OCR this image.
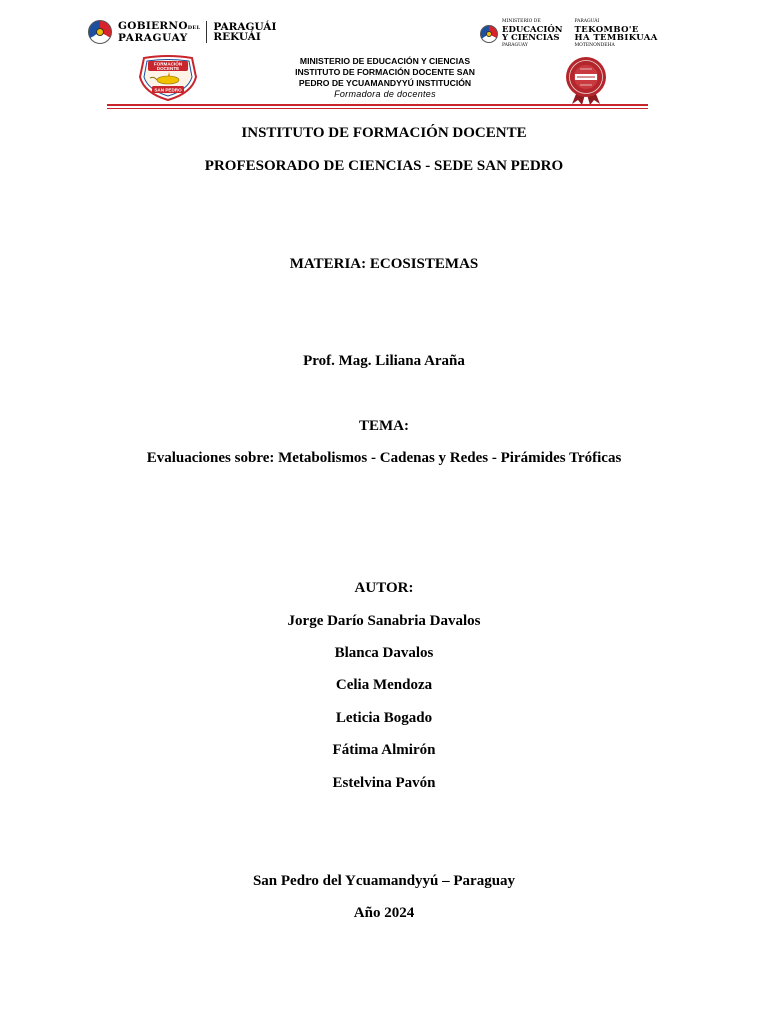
GOBIERNODEL
PARAGUAY
PARAGUÁI
REKUÁI
MINISTERIO DE
EDUCACIÓN
Y CIENCIAS
PARAGUAY
PARAGUÁI
TEKOMBO'E
HA TEMBIKUAA
MOTENONDEHA
FORMACIÓN
DOCENTE
SAN PEDRO
MINISTERIO DE EDUCACIÓN Y CIENCIAS
INSTITUTO DE FORMACIÓN DOCENTE SAN
PEDRO DE YCUAMANDYYÚ INSTITUCIÓN
Formadora de docentes
INSTITUTO DE FORMACIÓN DOCENTE
PROFESORADO DE CIENCIAS - SEDE SAN PEDRO
MATERIA: ECOSISTEMAS
Prof. Mag. Liliana Araña
TEMA:
Evaluaciones sobre: Metabolismos - Cadenas y Redes - Pirámides Tróficas
AUTOR:
Jorge Darío Sanabria Davalos
Blanca Davalos
Celia Mendoza
Leticia Bogado
Fátima Almirón
Estelvina Pavón
San Pedro del Ycuamandyyú – Paraguay
Año 2024
